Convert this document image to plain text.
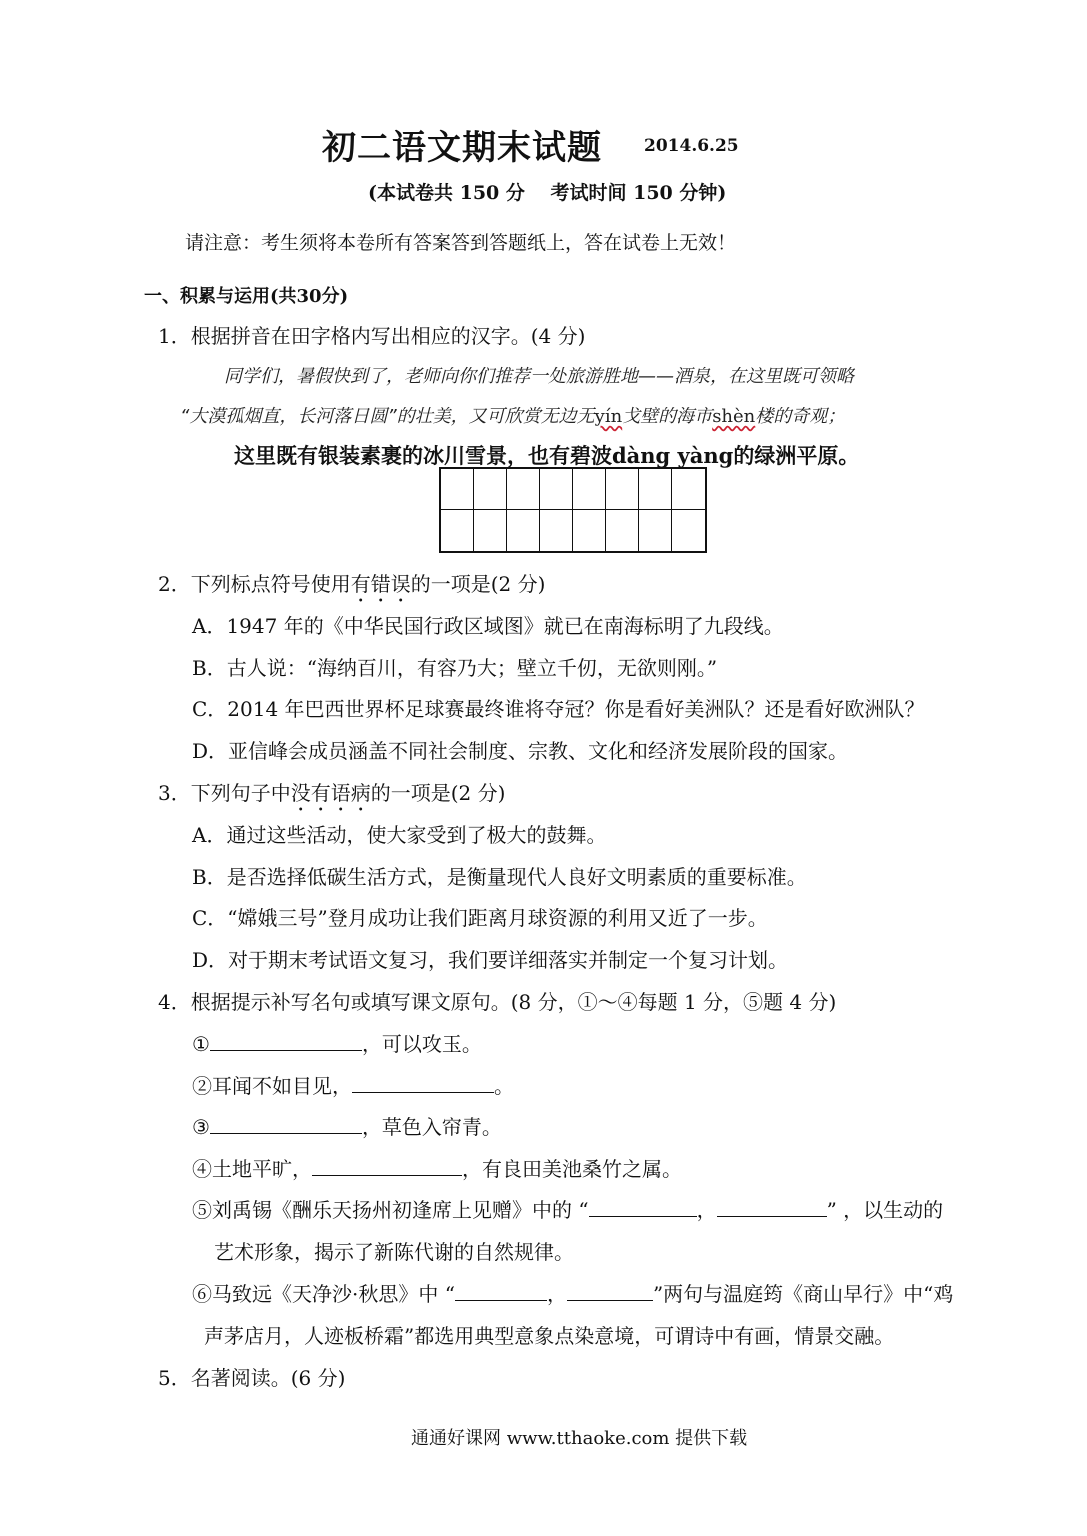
初二语文期末试题 2014.6.25
(本试卷共 150 分　 考试时间 150 分钟)
请注意：考生须将本卷所有答案答到答题纸上，答在试卷上无效！
一、积累与运用(共30分)
1．根据拼音在田字格内写出相应的汉字。(4 分)
同学们，暑假快到了，老师向你们推荐一处旅游胜地——酒泉，在这里既可领略
“大漠孤烟直，长河落日圆”的壮美，又可欣赏无边无yín戈壁的海市shèn楼的奇观；
这里既有银装素裹的冰川雪景，也有碧波dàng yàng的绿洲平原。
2．下列标点符号使用有错误的一项是(2 分)
A．1947 年的《中华民国行政区域图》就已在南海标明了九段线。
B．古人说：“海纳百川，有容乃大；壁立千仞，无欲则刚。”
C．2014 年巴西世界杯足球赛最终谁将夺冠？你是看好美洲队？还是看好欧洲队？
D．亚信峰会成员涵盖不同社会制度、宗教、文化和经济发展阶段的国家。
3．下列句子中没有语病的一项是(2 分)
A．通过这些活动，使大家受到了极大的鼓舞。
B．是否选择低碳生活方式，是衡量现代人良好文明素质的重要标准。
C．“嫦娥三号”登月成功让我们距离月球资源的利用又近了一步。
D．对于期末考试语文复习，我们要详细落实并制定一个复习计划。
4．根据提示补写名句或填写课文原句。(8 分，①～④每题 1 分，⑤题 4 分)
①	，可以攻玉。
②耳闻不如目见，	。
③	，草色入帘青。
④土地平旷，	，有良田美池桑竹之属。
⑤刘禹锡《酬乐天扬州初逢席上见赠》中的 “	，	” ，以生动的
艺术形象，揭示了新陈代谢的自然规律。
⑥马致远《天净沙·秋思》中 “	，	”两句与温庭筠《商山早行》中“鸡
声茅店月，人迹板桥霜”都选用典型意象点染意境，可谓诗中有画，情景交融。
5．名著阅读。(6 分)
通通好课网 www.tthaoke.com 提供下载
